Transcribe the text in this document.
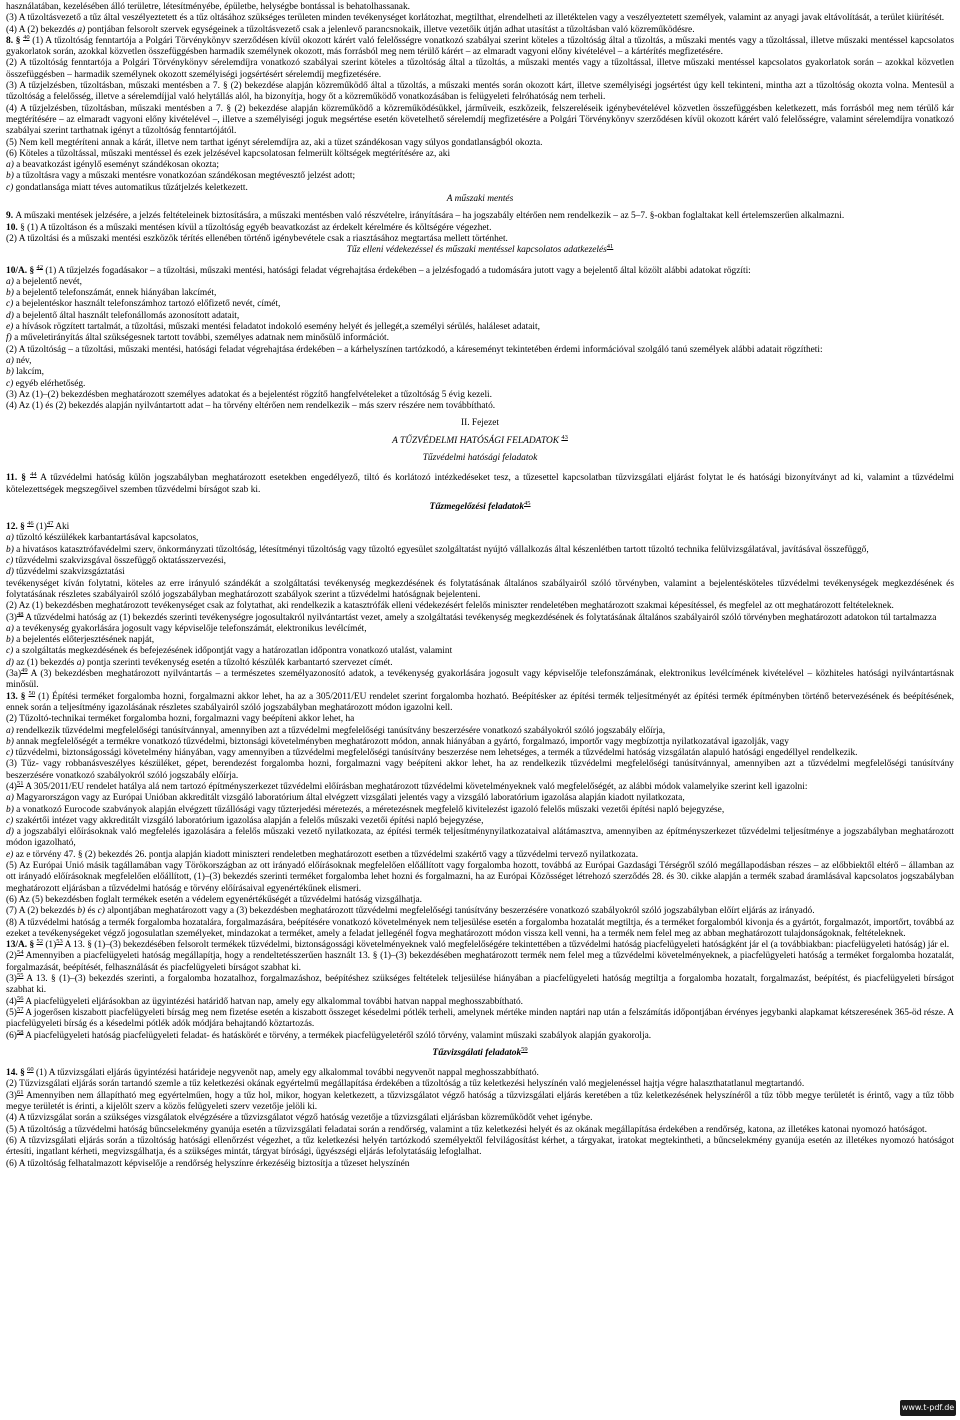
használatában, kezelésében álló területre, létesítményébe, épületbe, helységbe bontással is behatolhassanak.

(3) A tűzoltásvezető a tűz által veszélyeztetett és a tűz oltásához szükséges területen minden tevékenységet korlátozhat, megtilthat, elrendelheti az illetéktelen vagy a veszélyeztetett személyek, valamint az anyagi javak eltávolítását, a terület kiürítését.

(4) A (2) bekezdés a) pontjában felsorolt szervek egységeinek a tűzoltásvezető csak a jelenlevő parancsnokaik, illetve vezetőik útján adhat utasítást a tűzoltásban való közreműködésre.

8. § $^{40}$ (1) A tűzoltóság fenntartója a Polgári Törvénykönyv szerződésen kívül okozott kárért való felelősségre vonatkozó szabályai szerint köteles a tűzoltóság által a tűzoltás, a műszaki mentés vagy a tűzoltással, illetve műszaki mentéssel kapcsolatos gyakorlatok során, azokkal közvetlen összefüggésben harmadik személynek okozott, más forrásból meg nem térülő kárért – az elmaradt vagyoni előny kivételével – a kártérítés megfizetésére.

(2) A tűzoltóság fenntartója a Polgári Törvénykönyv sérelemdíjra vonatkozó szabályai szerint köteles a tűzoltóság által a tűzoltás, a műszaki mentés vagy a tűzoltással, illetve műszaki mentéssel kapcsolatos gyakorlatok során – azokkal közvetlen összefüggésben – harmadik személynek okozott személyiségi jogsértésért sérelemdíj megfizetésére.

(3) A tűzjelzésben, tűzoltásban, műszaki mentésben a 7. § (2) bekezdése alapján közreműködő által a tűzoltás, a műszaki mentés során okozott kárt, illetve személyiségi jogsértést úgy kell tekinteni, mintha azt a tűzoltóság okozta volna. Mentesül a tűzoltóság a felelősség, illetve a sérelemdíjjal való helytállás alól, ha bizonyítja, hogy őt a közreműködő vonatkozásában is felügyeleti felróhatóság nem terheli.

(4) A tűzjelzésben, tűzoltásban, műszaki mentésben a 7. § (2) bekezdése alapján közreműködő a közreműködésükkel, járműveik, eszközeik, felszereléseik igénybevételével közvetlen összefüggésben keletkezett, más forrásból meg nem térülő kár megtérítésére – az elmaradt vagyoni előny kivételével –, illetve a személyiségi joguk megsértése esetén követelhető sérelemdíj megfizetésére a Polgári Törvénykönyv szerződésen kívül okozott kárért való felelősségre, valamint sérelemdíjra vonatkozó szabályai szerint tarthatnak igényt a tűzoltóság fenntartójától.

(5) Nem kell megtéríteni annak a kárát, illetve nem tarthat igényt sérelemdíjra az, aki a tüzet szándékosan vagy súlyos gondatlanságból okozta.

(6) Köteles a tűzoltással, műszaki mentéssel és ezek jelzésével kapcsolatosan felmerült költségek megtérítésére az, aki

a) a beavatkozást igénylő eseményt szándékosan okozta;

b) a tűzoltásra vagy a műszaki mentésre vonatkozóan szándékosan megtévesztő jelzést adott;

c) gondatlansága miatt téves automatikus tűzátjelzés keletkezett.

A műszaki mentés

9. A műszaki mentések jelzésére, a jelzés feltételeinek biztosítására, a műszaki mentésben való részvételre, irányítására – ha jogszabály eltérően nem rendelkezik – az 5–7. §-okban foglaltakat kell értelemszerűen alkalmazni.

10. § (1) A tűzoltáson és a műszaki mentésen kívül a tűzoltóság egyéb beavatkozást az érdekelt kérelmére és költségére végezhet.

(2) A tűzoltási és a műszaki mentési eszközök térítés ellenében történő igénybevétele csak a riasztásához megtartása mellett történhet.

Tűz elleni védekezéssel és műszaki mentéssel kapcsolatos adatkezelés$^{41}$

10/A. § $^{42}$ (1) A tűzjelzés fogadásakor – a tűzoltási, műszaki mentési, hatósági feladat végrehajtása érdekében – a jelzésfogadó a tudomására jutott vagy a bejelentő által közölt alábbi adatokat rögzíti:

a) a bejelentő nevét,

b) a bejelentő telefonszámát, ennek hiányában lakcímét,

c) a bejelentéskor használt telefonszámhoz tartozó előfizető nevét, címét,

d) a bejelentő által használt telefonállomás azonosított adatait,

e) a hívások rögzített tartalmát, a tűzoltási, műszaki mentési feladatot indokoló esemény helyét és jellegét,a személyi sérülés, haláleset adatait,

f) a műveletirányítás által szükségesnek tartott további, személyes adatnak nem minősülő információt.

(2) A tűzoltóság – a tűzoltási, műszaki mentési, hatósági feladat végrehajtása érdekében – a kárhelyszínen tartózkodó, a káreseményt tekintetében érdemi információval szolgáló tanú személyek alábbi adatait rögzítheti:

a) név,

b) lakcím,

c) egyéb elérhetőség.

(3) Az (1)–(2) bekezdésben meghatározott személyes adatokat és a bejelentést rögzítő hangfelvételeket a tűzoltóság 5 évig kezeli.

(4) Az (1) és (2) bekezdés alapján nyilvántartott adat – ha törvény eltérően nem rendelkezik – más szerv részére nem továbbítható.

II. Fejezet

A TŰZVÉDELMI HATÓSÁGI FELADATOK $^{43}$

Tűzvédelmi hatósági feladatok

11. § $^{44}$ A tűzvédelmi hatóság külön jogszabályban meghatározott esetekben engedélyező, tiltó és korlátozó intézkedéseket tesz, a tűzesettel kapcsolatban tűzvizsgálati eljárást folytat le és hatósági bizonyítványt ad ki, valamint a tűzvédelmi kötelezettségek megszegőivel szemben tűzvédelmi bírságot szab ki.

Tűzmegelőzési feladatok$^{45}$

12. § $^{46}$ $(1)^{47}$ Aki

a) tűzoltó készülékek karbantartásával kapcsolatos,

b) a hivatásos katasztrófavédelmi szerv, önkormányzati tűzoltóság, létesítményi tűzoltóság vagy tűzoltó egyesület szolgáltatást nyújtó vállalkozás által készenlétben tartott tűzoltó technika felülvizsgálatával, javításával összefüggő,

c) tűzvédelmi szakvizsgával összefüggő oktatásszervezési,

d) tűzvédelmi szakvizsgáztatási

tevékenységet kíván folytatni, köteles az erre irányuló szándékát a szolgáltatási tevékenység megkezdésének és folytatásának általános szabályairól szóló törvényben, valamint a bejelentésköteles tűzvédelmi tevékenységek megkezdésének és folytatásának részletes szabályairól szóló jogszabályban meghatározott szabályok szerint a tűzvédelmi hatóságnak bejelenteni.

(2) Az (1) bekezdésben meghatározott tevékenységet csak az folytathat, aki rendelkezik a katasztrófák elleni védekezésért felelős miniszter rendeletében meghatározott szakmai képesítéssel, és megfelel az ott meghatározott feltételeknek.

$(3)^{48}$ A tűzvédelmi hatóság az (1) bekezdés szerinti tevékenységre jogosultakról nyilvántartást vezet, amely a szolgáltatási tevékenység megkezdésének és folytatásának általános szabályairól szóló törvényben meghatározott adatokon túl tartalmazza

a) a tevékenység gyakorlására jogosult vagy képviselője telefonszámát, elektronikus levélcímét,

b) a bejelentés előterjesztésének napját,

c) a szolgáltatás megkezdésének és befejezésének időpontját vagy a határozatlan időpontra vonatkozó utalást, valamint

d) az (1) bekezdés a) pontja szerinti tevékenység esetén a tűzoltó készülék karbantartó szervezet címét.

$(3a)^{49}$ A (3) bekezdésben meghatározott nyilvántartás – a természetes személyazonosító adatok, a tevékenység gyakorlására jogosult vagy képviselője telefonszámának, elektronikus levélcímének kivételével – közhiteles hatósági nyilvántartásnak minősül.

13. § $^{50}$ (1) Építési terméket forgalomba hozni, forgalmazni akkor lehet, ha az a 305/2011/EU rendelet szerint forgalomba hozható. Beépítésker az építési termék teljesítményét az építési termék építményben történő betervezésének és beépítésének, ennek során a teljesítmény igazolásának részletes szabályairól szóló jogszabályban meghatározott módon igazolni kell.

(2) Tűzoltó-technikai terméket forgalomba hozni, forgalmazni vagy beépíteni akkor lehet, ha

a) rendelkezik tűzvédelmi megfelelőségi tanúsítvánnyal, amennyiben azt a tűzvédelmi megfelelőségi tanúsítvány beszerzésére vonatkozó szabályokról szóló jogszabály előírja,

b) annak megfelelőségét a termékre vonatkozó tűzvédelmi, biztonsági követelményben meghatározott módon, annak hiányában a gyártó, forgalmazó, importőr vagy megbízottja nyilatkozatával igazolják, vagy

c) tűzvédelmi, biztonságossági követelmény hiányában, vagy amennyiben a tűzvédelmi megfelelőségi tanúsítvány beszerzése nem lehetséges, a termék a tűzvédelmi hatóság vizsgálatán alapuló hatósági engedéllyel rendelkezik.

(3) Tűz- vagy robbanásveszélyes készüléket, gépet, berendezést forgalomba hozni, forgalmazni vagy beépíteni akkor lehet, ha az rendelkezik tűzvédelmi megfelelőségi tanúsítvánnyal, amennyiben azt a tűzvédelmi megfelelőségi tanúsítvány beszerzésére vonatkozó szabályokról szóló jogszabály előírja.

$(4)^{51}$ A 305/2011/EU rendelet hatálya alá nem tartozó építményszerkezet tűzvédelmi előírásban meghatározott tűzvédelmi követelményeknek való megfelelőségét, az alábbi módok valamelyike szerint kell igazolni:

a) Magyarországon vagy az Európai Unióban akkreditált vizsgáló laboratórium által elvégzett vizsgálati jelentés vagy a vizsgáló laboratórium igazolása alapján kiadott nyilatkozata,

b) a vonatkozó Eurocode szabványok alapján elvégzett tűzállósági vagy tűzterjedési méretezés, a méretezésnek megfelelő kivitelezést igazoló felelős műszaki vezetői építési napló bejegyzése,

c) szakértői intézet vagy akkreditált vizsgáló laboratórium igazolása alapján a felelős műszaki vezetői építési napló bejegyzése,

d) a jogszabályi előírásoknak való megfelelés igazolására a felelős műszaki vezető nyilatkozata, az építési termék teljesítménynyilatkozataival alátámasztva, amennyiben az építményszerkezet tűzvédelmi teljesítménye a jogszabályban meghatározott módon igazolható,

e) az e törvény 47. § (2) bekezdés 26. pontja alapján kiadott miniszteri rendeletben meghatározott esetben a tűzvédelmi szakértő vagy a tűzvédelmi tervező nyilatkozata.

(5) Az Európai Unió másik tagállamában vagy Törökországban az ott irányadó előírásoknak megfelelően előállított vagy forgalomba hozott, továbbá az Európai Gazdasági Térségről szóló megállapodásban részes – az előbbiektől eltérő – államban az ott irányadó előírásoknak megfelelően előállított, (1)–(3) bekezdés szerinti terméket forgalomba lehet hozni és forgalmazni, ha az Európai Közösséget létrehozó szerződés 28. és 30. cikke alapján a termék szabad áramlásával kapcsolatos jogszabályban meghatározott eljárásban a tűzvédelmi hatóság e törvény előírásaival egyenértékűnek elismeri.

(6) Az (5) bekezdésben foglalt termékek esetén a védelem egyenértékűségét a tűzvédelmi hatóság vizsgálhatja.

(7) A (2) bekezdés b) és c) alpontjában meghatározott vagy a (3) bekezdésben meghatározott tűzvédelmi megfelelőségi tanúsítvány beszerzésére vonatkozó szabályokról szóló jogszabályban előírt eljárás az irányadó.

(8) A tűzvédelmi hatóság a termék forgalomba hozatalára, forgalmazására, beépítésére vonatkozó követelmények nem teljesülése esetén a forgalomba hozatalát megtiltja, és a terméket forgalomból kivonja és a gyártót, forgalmazót, importőrt, továbbá az ezeket a tevékenységeket végző jogosulatlan személyeket, mindazokat a terméket, amely a feladat jellegénél fogva meghatározott módon vissza kell venni, ha a termék nem felel meg az abban meghatározott tulajdonságoknak, feltételeknek.

13/A. § $^{52}$ $(1)^{53}$ A 13. § (1)–(3) bekezdésében felsorolt termékek tűzvédelmi, biztonságossági követelményeknek való megfelelőségére tekintettében a tűzvédelmi hatóság piacfelügyeleti hatóságként jár el (a továbbiakban: piacfelügyeleti hatóság) jár el.

$(2)^{54}$ Amennyiben a piacfelügyeleti hatóság megállapítja, hogy a rendeltetésszerűen használt 13. § (1)–(3) bekezdésében meghatározott termék nem felel meg a tűzvédelmi követelményeknek, a piacfelügyeleti hatóság a terméket forgalomba hozatalát, forgalmazását, beépítését, felhasználását és piacfelügyeleti bírságot szabhat ki.

$(3)^{55}$ A 13. § (1)–(3) bekezdés szerinti, a forgalomba hozatalhoz, forgalmazáshoz, beépítéshez szükséges feltételek teljesülése hiányában a piacfelügyeleti hatóság megtiltja a forgalomba hozatalt, forgalmazást, beépítést, és piacfelügyeleti bírságot szabhat ki.

$(4)^{56}$ A piacfelügyeleti eljárásokban az ügyintézési határidő hatvan nap, amely egy alkalommal további hatvan nappal meghosszabbítható.

$(5)^{57}$ A jogerősen kiszabott piacfelügyeleti bírság meg nem fizetése esetén a kiszabott összeget késedelmi pótlék terheli, amelynek mértéke minden naptári nap után a felszámítás időpontjában érvényes jegybanki alapkamat kétszeresének 365-öd része. A piacfelügyeleti bírság és a késedelmi pótlék adók módjára behajtandó köztartozás.

$(6)^{58}$ A piacfelügyeleti hatóság piacfelügyeleti feladat- és hatáskörét e törvény, a termékek piacfelügyeletéről szóló törvény, valamint műszaki szabályok alapján gyakorolja.

Tűzvizsgálati feladatok$^{59}$

14. § $^{60}$ (1) A tűzvizsgálati eljárás ügyintézési határideje negyvenöt nap, amely egy alkalommal további negyvenöt nappal meghosszabbítható.

(2) Tűzvizsgálati eljárás során tartandó szemle a tűz keletkezési okának egyértelmű megállapítása érdekében a tűzoltóság a tűz keletkezési helyszínén való megjelenéssel hajtja végre halaszthatatlanul megtartandó.

$(3)^{61}$ Amennyiben nem állapítható meg egyértelműen, hogy a tűz hol, mikor, hogyan keletkezett, a tűzvizsgálatot végző hatóság a tűzvizsgálati eljárás keretében a tűz keletkezésének helyszínéről a tűz több megye területét is érintő, vagy a tűz több megye területét is érinti, a kijelölt szerv a közös felügyeleti szerv vezetője jelöli ki.

(4) A tűzvizsgálat során a szükséges vizsgálatok elvégzésére a tűzvizsgálatot végző hatóság vezetője a tűzvizsgálati eljárásban közreműködőt vehet igénybe.

(5) A tűzoltóság a tűzvédelmi hatóság bűncselekmény gyanúja esetén a tűzvizsgálati feladatai során a rendőrség, valamint a tűz keletkezési helyét és az okának megállapítása érdekében a rendőrség, katona, az illetékes katonai nyomozó hatóságot.

(6) A tűzvizsgálati eljárás során a tűzoltóság hatósági ellenőrzést végezhet, a tűz keletkezési helyén tartózkodó személyektől felvilágosítást kérhet, a tárgyakat, iratokat megtekintheti, a bűncselekmény gyanúja esetén az illetékes nyomozó hatóságot értesíti, ingatlant kérheti, megvizsgálhatja, és a szükséges mintát, tárgyat bírósági, ügyészségi eljárás lefolytatásáig lefoglalhat.

(6) A tűzoltóság felhatalmazott képviselője a rendőrség helyszínre érkezéséig biztosítja a tűzeset helyszínén

www.t-pdf.de
